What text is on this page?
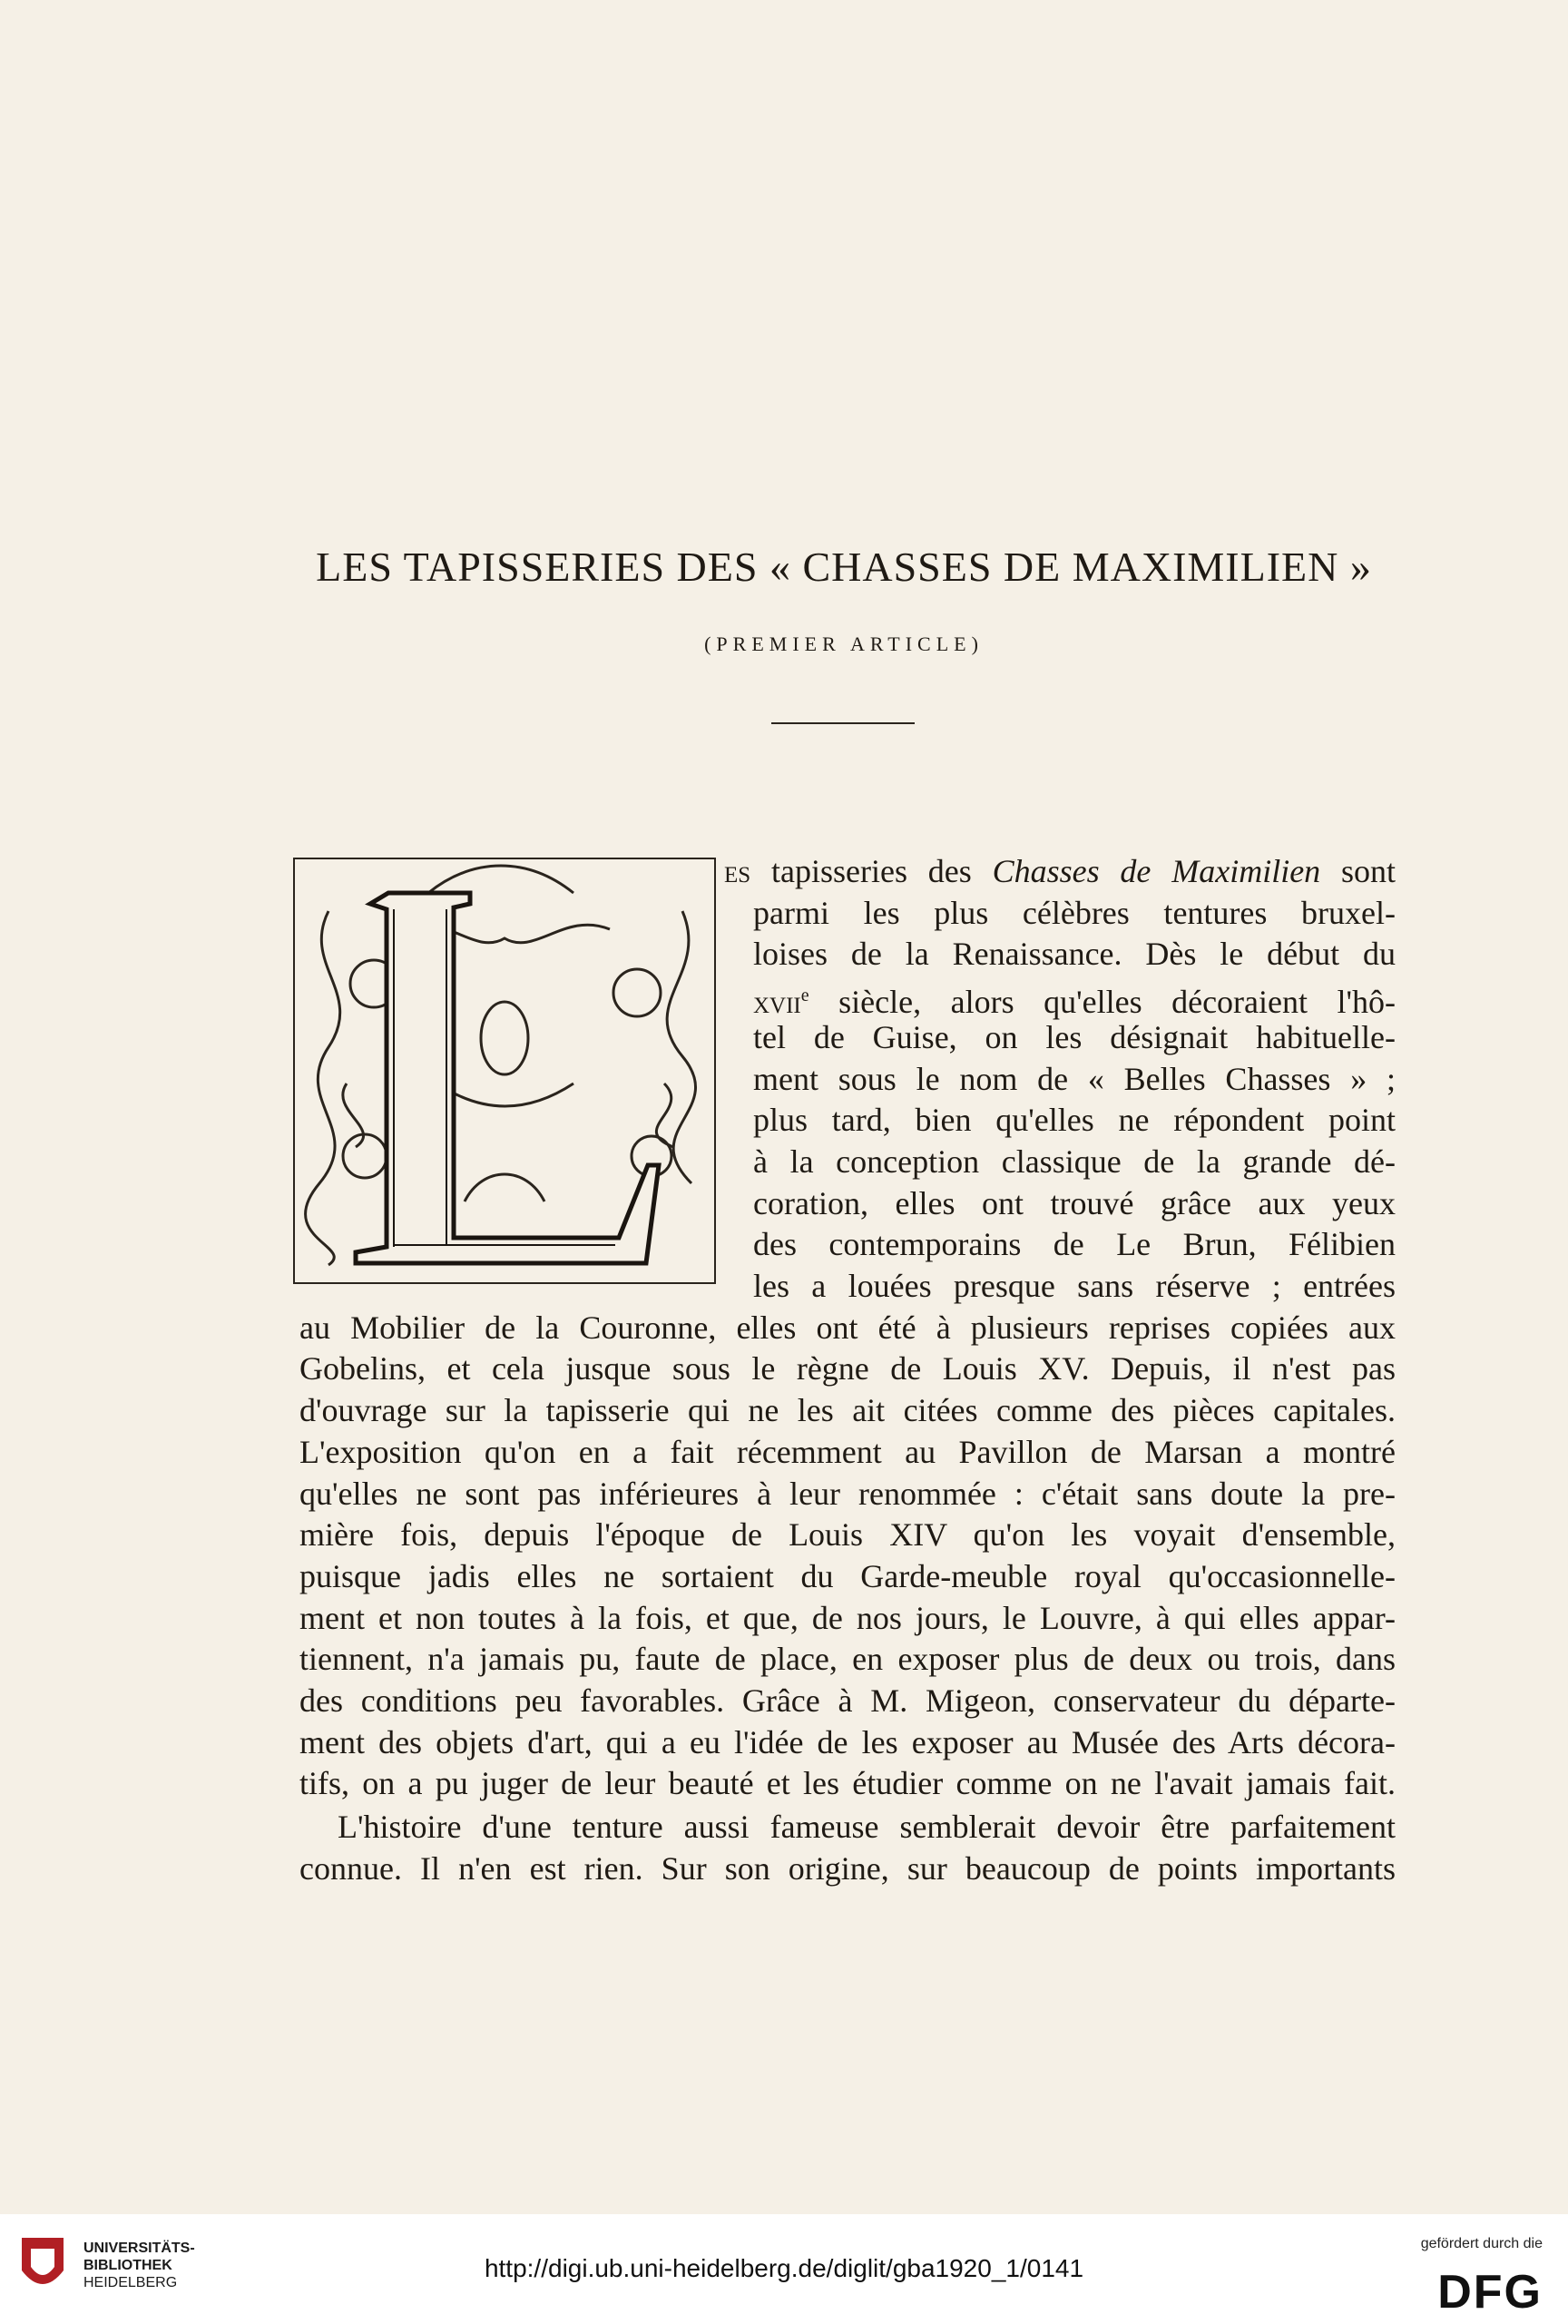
LES TAPISSERIES DES « CHASSES DE MAXIMILIEN »
(PREMIER ARTICLE)
es tapisseries des Chasses de Maximilien sont
parmi les plus célèbres tentures bruxel-
loises de la Renaissance. Dès le début du
xvii$^e$ siècle, alors qu'elles décoraient l'hô-
tel de Guise, on les désignait habituelle-
ment sous le nom de « Belles Chasses » ;
plus tard, bien qu'elles ne répondent point
à la conception classique de la grande dé-
coration, elles ont trouvé grâce aux yeux
des contemporains de Le Brun, Félibien
les a louées presque sans réserve ; entrées
au Mobilier de la Couronne, elles ont été à plusieurs reprises copiées aux
Gobelins, et cela jusque sous le règne de Louis XV. Depuis, il n'est pas
d'ouvrage sur la tapisserie qui ne les ait citées comme des pièces capitales.
L'exposition qu'on en a fait récemment au Pavillon de Marsan a montré
qu'elles ne sont pas inférieures à leur renommée : c'était sans doute la pre-
mière fois, depuis l'époque de Louis XIV qu'on les voyait d'ensemble,
puisque jadis elles ne sortaient du Garde-meuble royal qu'occasionnelle-
ment et non toutes à la fois, et que, de nos jours, le Louvre, à qui elles appar-
tiennent, n'a jamais pu, faute de place, en exposer plus de deux ou trois, dans
des conditions peu favorables. Grâce à M. Migeon, conservateur du départe-
ment des objets d'art, qui a eu l'idée de les exposer au Musée des Arts décora-
tifs, on a pu juger de leur beauté et les étudier comme on ne l'avait jamais fait.
L'histoire d'une tenture aussi fameuse semblerait devoir être parfaitement
connue. Il n'en est rien. Sur son origine, sur beaucoup de points importants
UNIVERSITÄTS-
BIBLIOTHEK
HEIDELBERG
http://digi.ub.uni-heidelberg.de/diglit/gba1920_1/0141
gefördert durch die
DFG
